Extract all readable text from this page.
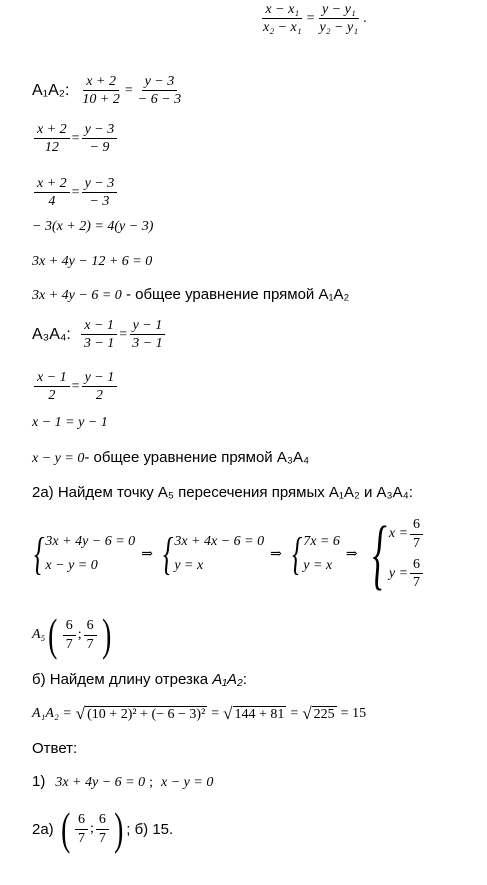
$\frac{\text{x − x₁}}{\text{x₂ − x₁}} = \frac{\text{y − y₁}}{\text{y₂ − y₁}}$ .
A₁A₂: $\frac{x + 2}{10 + 2} = \frac{y - 3}{- 6 - 3}$
$\frac{x + 2}{12} = \frac{y - 3}{- 9}$
$\frac{x + 2}{4} = \frac{y - 3}{- 3}$
− 3(x + 2) = 4(y − 3)
3x + 4y − 12 + 6 = 0
3x + 4y − 6 = 0 - общее уравнение прямой A₁A₂
A₃A₄: $\frac{x - 1}{3 - 1} = \frac{y - 1}{3 - 1}$
$\frac{x - 1}{2} = \frac{y - 1}{2}$
x − 1 = y − 1
x − y = 0- общее уравнение прямой A₃A₄
2а) Найдем точку A₅ пересечения прямых A₁A₂ и A₃A₄:
{ 3x + 4y − 6 = 0
x − y = 0
⇒ { 3x + 4x − 6 = 0
y = x
⇒ { 7x = 6
y = x
⇒ { $x = \frac{6}{7}$
$y = \frac{6}{7}$
A₅ ( $\frac{6}{7}$ ; $\frac{6}{7}$ )
б) Найдем длину отрезка A₁A₂:
A₁A₂ = √ (10 + 2)² + (− 6 − 3)² = √ 144 + 81 = √ 225 = 15
Ответ:
1) 3x + 4y − 6 = 0 ; x − y = 0
2а) ( $\frac{6}{7}$ ; $\frac{6}{7}$ ) ; б) 15.
